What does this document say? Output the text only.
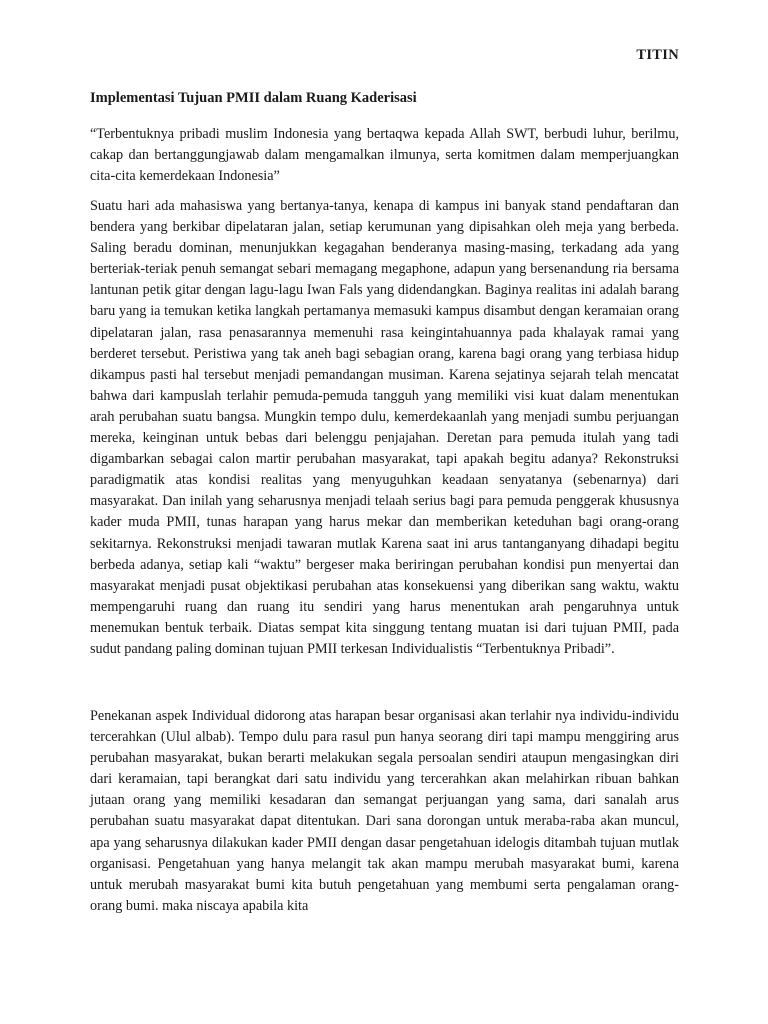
TITIN
Implementasi Tujuan PMII dalam Ruang Kaderisasi
“Terbentuknya pribadi muslim Indonesia yang bertaqwa kepada Allah SWT, berbudi luhur, berilmu, cakap dan bertanggungjawab dalam mengamalkan ilmunya, serta komitmen dalam memperjuangkan cita-cita kemerdekaan Indonesia”
Suatu hari ada mahasiswa yang bertanya-tanya, kenapa di kampus ini banyak stand pendaftaran dan bendera yang berkibar dipelataran jalan, setiap kerumunan yang dipisahkan oleh meja yang berbeda. Saling beradu dominan, menunjukkan kegagahan benderanya masing-masing, terkadang ada yang berteriak-teriak penuh semangat sebari memagang megaphone, adapun yang bersenandung ria bersama lantunan petik gitar dengan lagu-lagu Iwan Fals yang didendangkan. Baginya realitas ini adalah barang baru yang ia temukan ketika langkah pertamanya memasuki kampus disambut dengan keramaian orang dipelataran jalan, rasa penasarannya memenuhi rasa keingintahuannya pada khalayak ramai yang berderet tersebut. Peristiwa yang tak aneh bagi sebagian orang, karena bagi orang yang terbiasa hidup dikampus pasti hal tersebut menjadi pemandangan musiman. Karena sejatinya sejarah telah mencatat bahwa dari kampuslah terlahir pemuda-pemuda tangguh yang memiliki visi kuat dalam menentukan arah perubahan suatu bangsa. Mungkin tempo dulu, kemerdekaanlah yang menjadi sumbu perjuangan mereka, keinginan untuk bebas dari belenggu penjajahan. Deretan para pemuda itulah yang tadi digambarkan sebagai calon martir perubahan masyarakat, tapi apakah begitu adanya? Rekonstruksi paradigmatik atas kondisi realitas yang menyuguhkan keadaan senyatanya (sebenarnya) dari masyarakat. Dan inilah yang seharusnya menjadi telaah serius bagi para pemuda penggerak khususnya kader muda PMII, tunas harapan yang harus mekar dan memberikan keteduhan bagi orang-orang sekitarnya. Rekonstruksi menjadi tawaran mutlak Karena saat ini arus tantanganyang dihadapi begitu berbeda adanya, setiap kali “waktu” bergeser maka beriringan perubahan kondisi pun menyertai dan masyarakat menjadi pusat objektikasi perubahan atas konsekuensi yang diberikan sang waktu, waktu mempengaruhi ruang dan ruang itu sendiri yang harus menentukan arah pengaruhnya untuk menemukan bentuk terbaik. Diatas sempat kita singgung tentang muatan isi dari tujuan PMII, pada sudut pandang paling dominan tujuan PMII terkesan Individualistis “Terbentuknya Pribadi”.
Penekanan aspek Individual didorong atas harapan besar organisasi akan terlahir nya individu-individu tercerahkan (Ulul albab). Tempo dulu para rasul pun hanya seorang diri tapi mampu menggiring arus perubahan masyarakat, bukan berarti melakukan segala persoalan sendiri ataupun mengasingkan diri dari keramaian, tapi berangkat dari satu individu yang tercerahkan akan melahirkan ribuan bahkan jutaan orang yang memiliki kesadaran dan semangat perjuangan yang sama, dari sanalah arus perubahan suatu masyarakat dapat ditentukan. Dari sana dorongan untuk meraba-raba akan muncul, apa yang seharusnya dilakukan kader PMII dengan dasar pengetahuan idelogis ditambah tujuan mutlak organisasi. Pengetahuan yang hanya melangit tak akan mampu merubah masyarakat bumi, karena untuk merubah masyarakat bumi kita butuh pengetahuan yang membumi serta pengalaman orang-orang bumi. maka niscaya apabila kita
